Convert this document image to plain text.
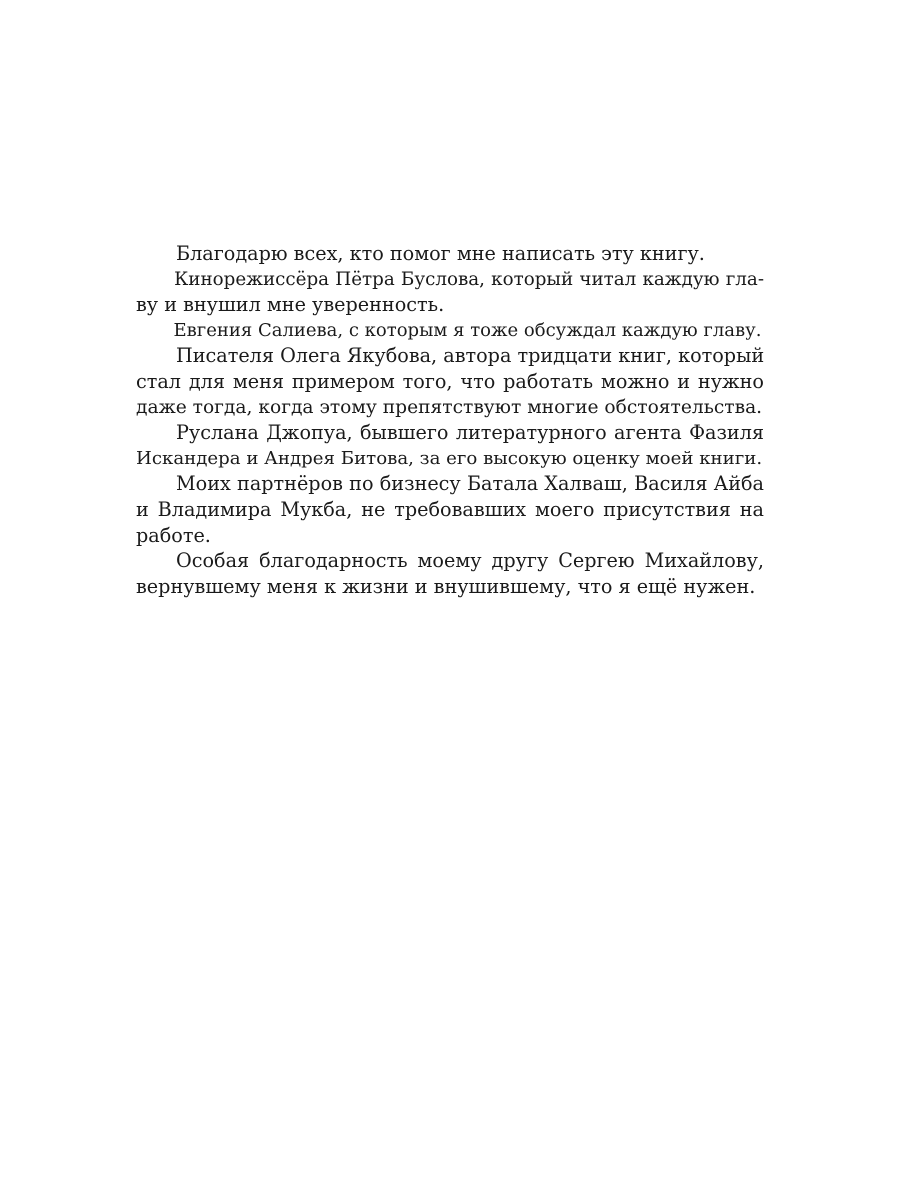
Благодарю всех, кто помог мне написать эту книгу.
Кинорежиссёра Пётра Буслова, который читал каждую гла-
ву и внушил мне уверенность.
Евгения Салиева, с которым я тоже обсуждал каждую главу.
Писателя Олега Якубова, автора тридцати книг, который
стал для меня примером того, что работать можно и нужно
даже тогда, когда этому препятствуют многие обстоятельства.
Руслана Джопуа, бывшего литературного агента Фазиля
Искандера и Андрея Битова, за его высокую оценку моей книги.
Моих партнёров по бизнесу Батала Халваш, Василя Айба
и Владимира Мукба, не требовавших моего присутствия на
работе.
Особая благодарность моему другу Сергею Михайлову,
вернувшему меня к жизни и внушившему, что я ещё нужен.
